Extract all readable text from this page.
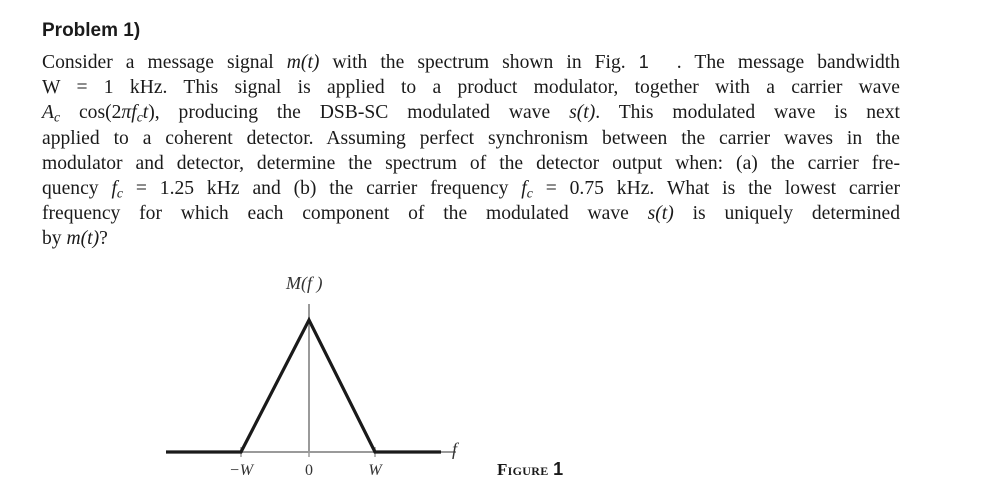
Problem 1)

Consider a message signal m(t) with the spectrum shown in Fig. 1 . The message bandwidth
W = 1 kHz. This signal is applied to a product modulator, together with a carrier wave
$A_c$ $\cos(2\pi f_ct)$, producing the DSB-SC modulated wave s(t). This modulated wave is next
applied to a coherent detector. Assuming perfect synchronism between the carrier waves in the
modulator and detector, determine the spectrum of the detector output when: (a) the carrier fre-
quency $f_c = 1.25$ kHz and (b) the carrier frequency $f_c = 0.75$ kHz. What is the lowest carrier
frequency for which each component of the modulated wave s(t) is uniquely determined
by m(t)?

M(f )
f
−W	0	W	Figure 1
